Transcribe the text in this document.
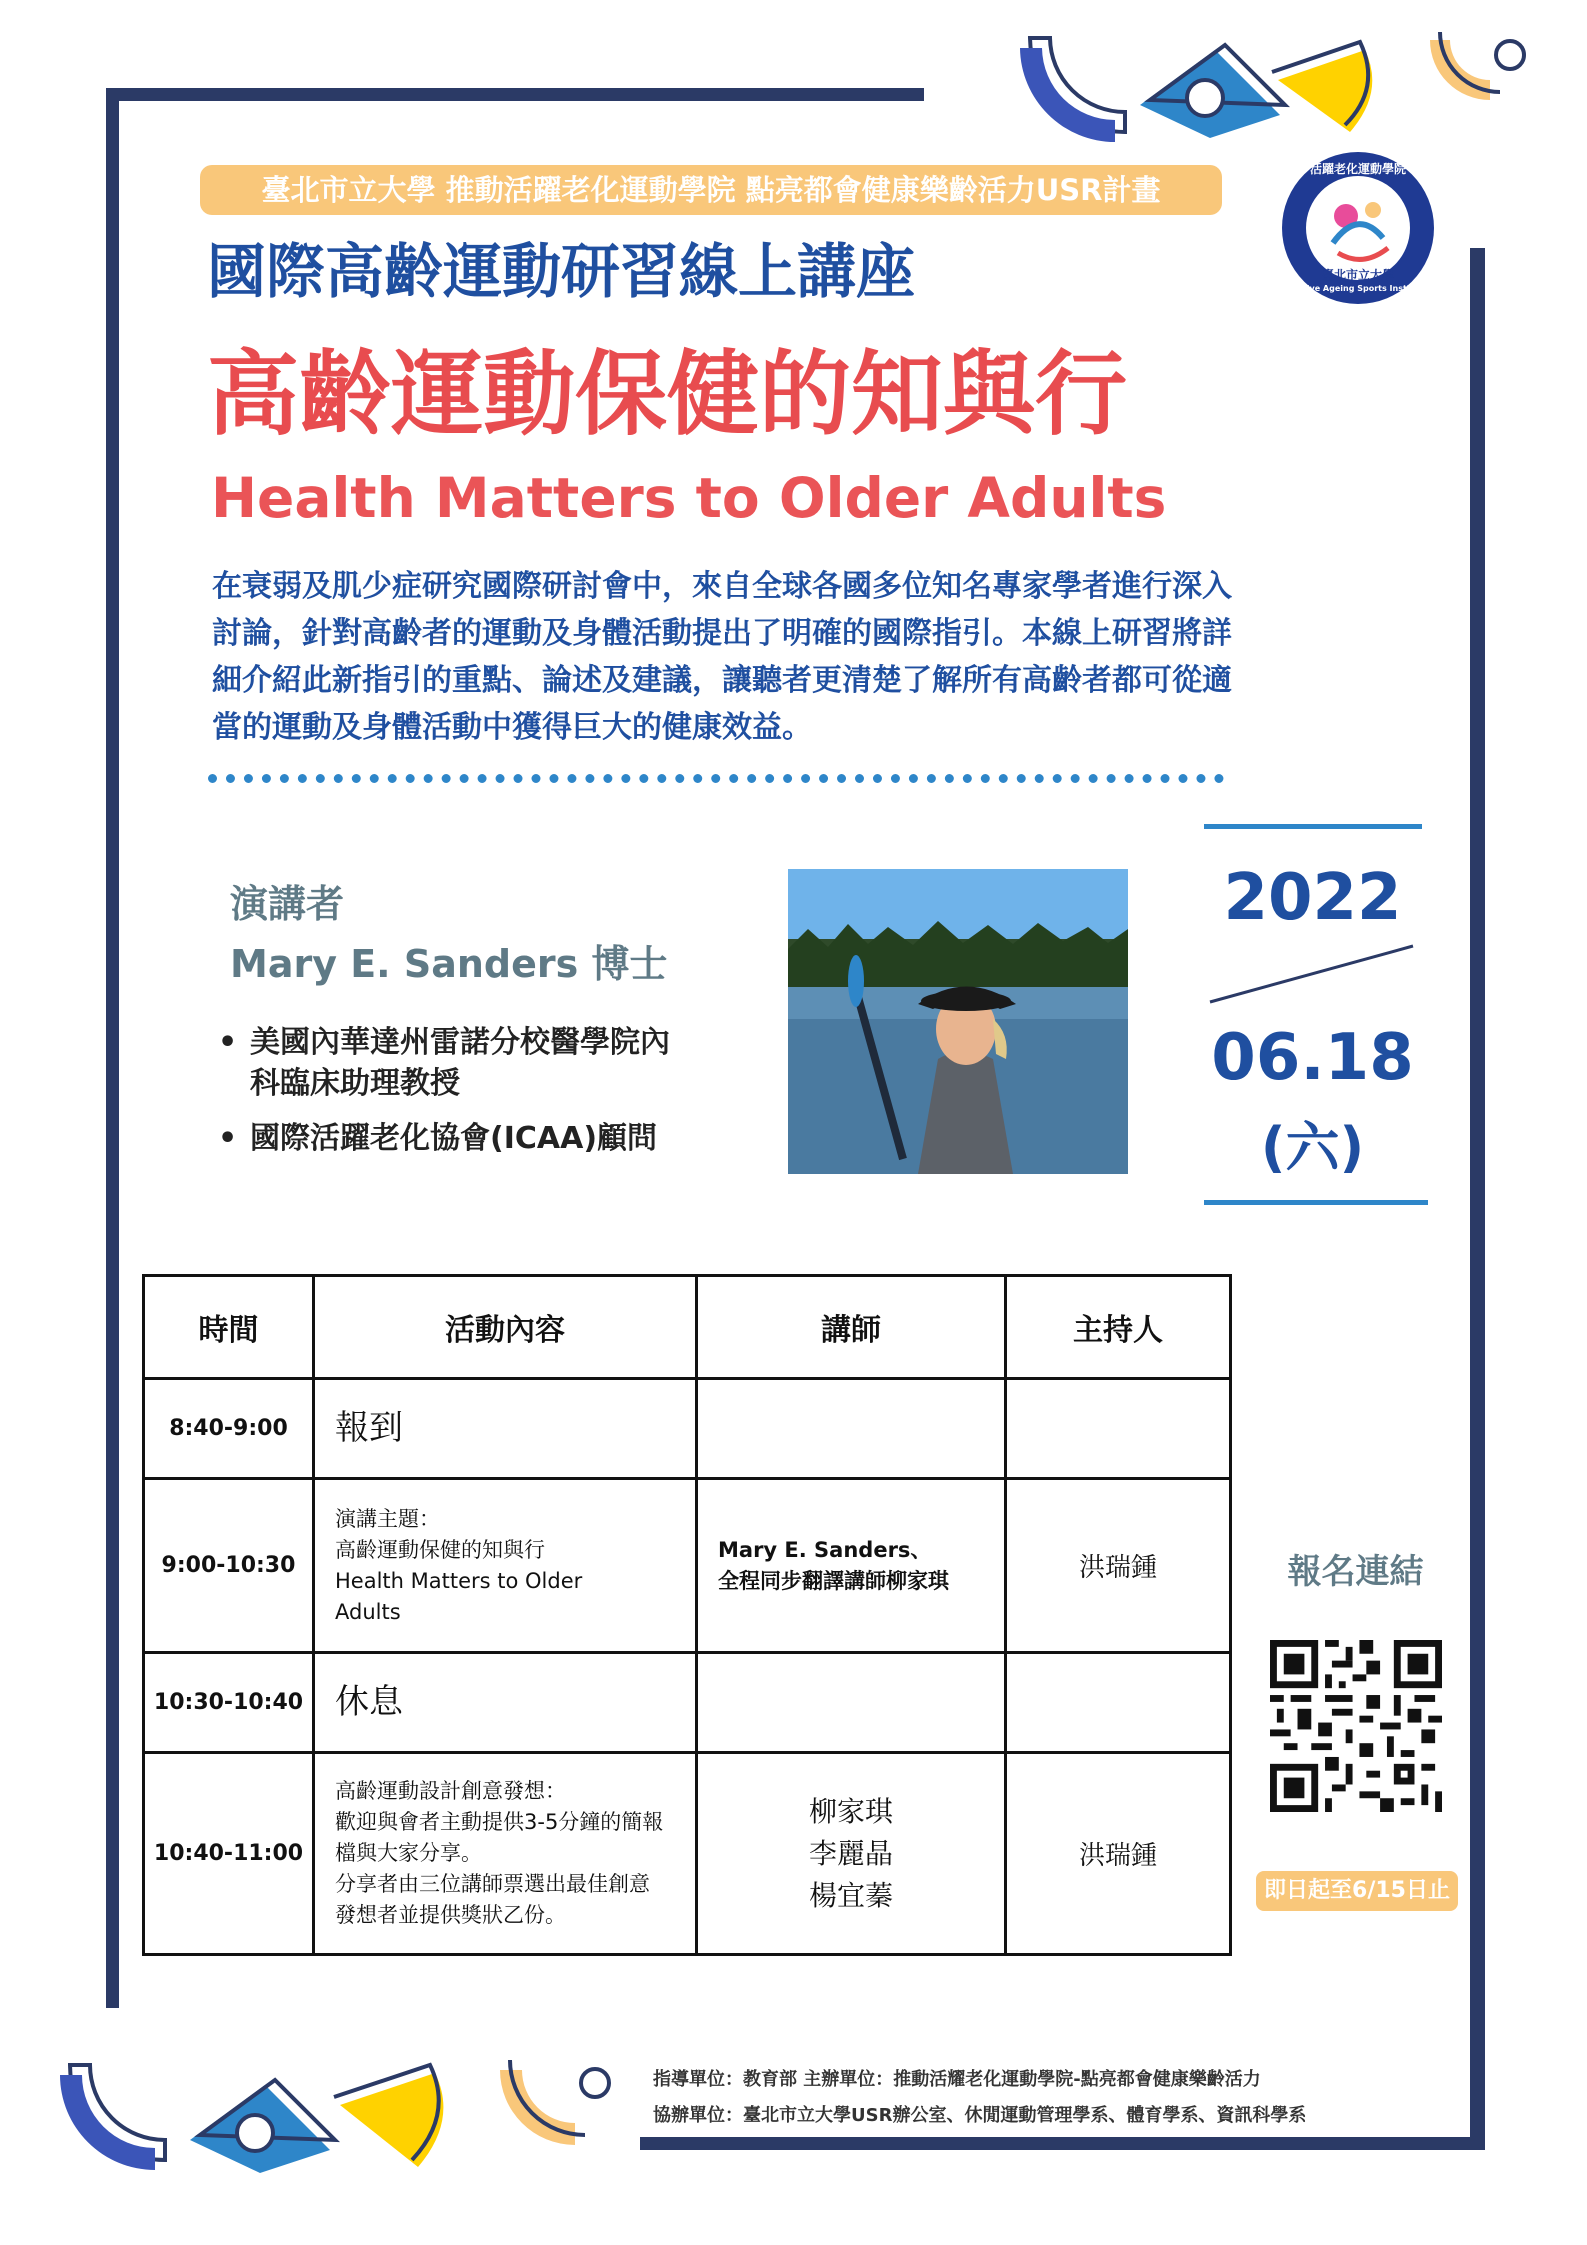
活躍老化運動學院
臺北市立大學
Active Ageing Sports Institute
臺北市立大學 推動活躍老化運動學院 點亮都會健康樂齡活力USR計畫
國際高齡運動研習線上講座
高齡運動保健的知與行
Health Matters to Older Adults
在衰弱及肌少症研究國際研討會中，來自全球各國多位知名專家學者進行深入
討論，針對高齡者的運動及身體活動提出了明確的國際指引。本線上研習將詳
細介紹此新指引的重點、論述及建議，讓聽者更清楚了解所有高齡者都可從適
當的運動及身體活動中獲得巨大的健康效益。
演講者
Mary E. Sanders 博士
• 美國內華達州雷諾分校醫學院內
科臨床助理教授
• 國際活躍老化協會(ICAA)顧問
2022
06.18
(六)
時間	活動內容	講師	主持人
8:40-9:00	報到		
9:00-10:30	演講主題：
高齡運動保健的知與行
Health Matters to Older
Adults	Mary E. Sanders、
全程同步翻譯講師柳家琪	洪瑞鍾
10:30-10:40	休息		
10:40-11:00	高齡運動設計創意發想：
歡迎與會者主動提供3-5分鐘的簡報
檔與大家分享。
分享者由三位講師票選出最佳創意
發想者並提供獎狀乙份。	柳家琪
李麗晶
楊宜蓁	洪瑞鍾
報名連結
即日起至6/15日止
指導單位：教育部 主辦單位：推動活耀老化運動學院-點亮都會健康樂齡活力
協辦單位：臺北市立大學USR辦公室、休閒運動管理學系、體育學系、資訊科學系
